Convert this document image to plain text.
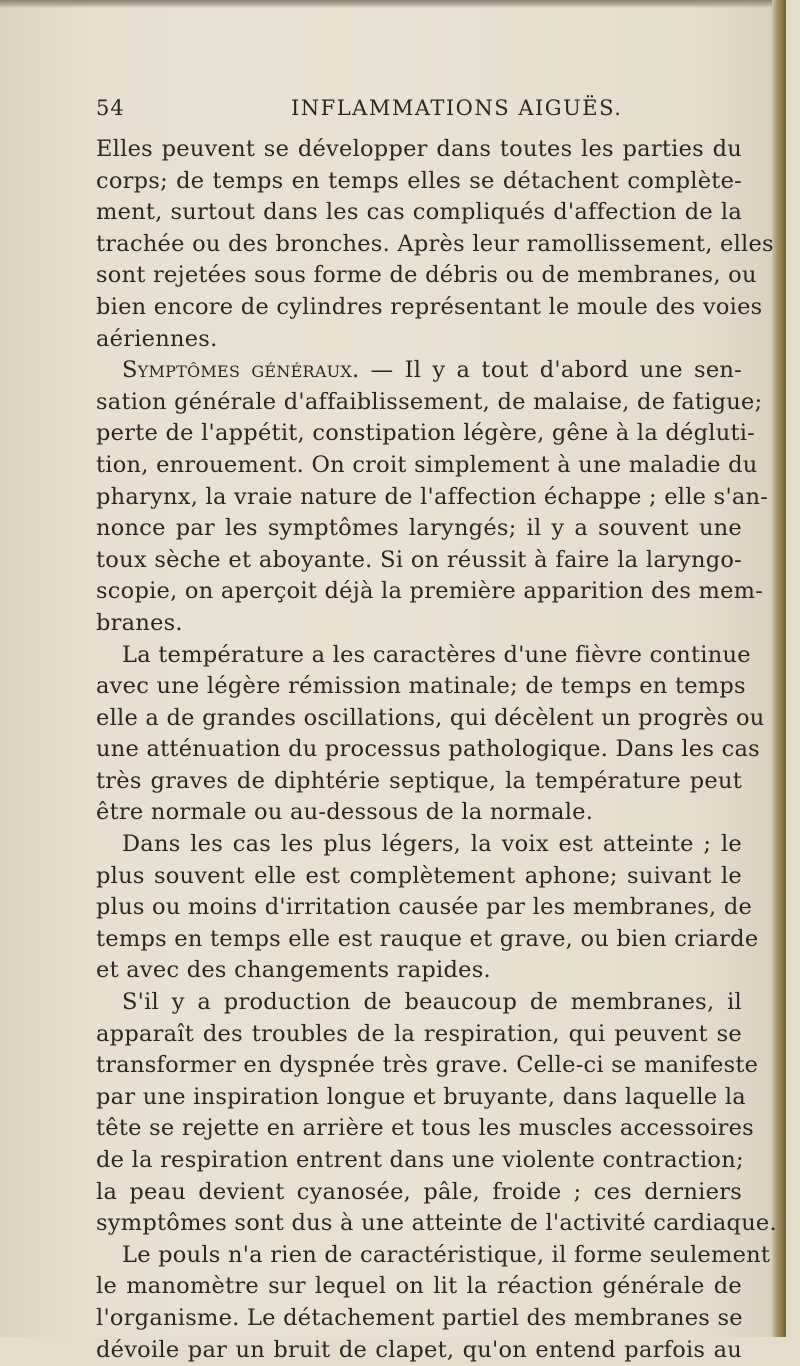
54	INFLAMMATIONS AIGUËS.
Elles peuvent se développer dans toutes les parties du
corps; de temps en temps elles se détachent complète-
ment, surtout dans les cas compliqués d'affection de la
trachée ou des bronches. Après leur ramollissement, elles
sont rejetées sous forme de débris ou de membranes, ou
bien encore de cylindres représentant le moule des voies
aériennes.
Symptômes généraux. — Il y a tout d'abord une sen-
sation générale d'affaiblissement, de malaise, de fatigue;
perte de l'appétit, constipation légère, gêne à la dégluti-
tion, enrouement. On croit simplement à une maladie du
pharynx, la vraie nature de l'affection échappe ; elle s'an-
nonce par les symptômes laryngés; il y a souvent une
toux sèche et aboyante. Si on réussit à faire la laryngo-
scopie, on aperçoit déjà la première apparition des mem-
branes.
La température a les caractères d'une fièvre continue
avec une légère rémission matinale; de temps en temps
elle a de grandes oscillations, qui décèlent un progrès ou
une atténuation du processus pathologique. Dans les cas
très graves de diphtérie septique, la température peut
être normale ou au-dessous de la normale.
Dans les cas les plus légers, la voix est atteinte ; le
plus souvent elle est complètement aphone; suivant le
plus ou moins d'irritation causée par les membranes, de
temps en temps elle est rauque et grave, ou bien criarde
et avec des changements rapides.
S'il y a production de beaucoup de membranes, il
apparaît des troubles de la respiration, qui peuvent se
transformer en dyspnée très grave. Celle-ci se manifeste
par une inspiration longue et bruyante, dans laquelle la
tête se rejette en arrière et tous les muscles accessoires
de la respiration entrent dans une violente contraction;
la peau devient cyanosée, pâle, froide ; ces derniers
symptômes sont dus à une atteinte de l'activité cardiaque.
Le pouls n'a rien de caractéristique, il forme seulement
le manomètre sur lequel on lit la réaction générale de
l'organisme. Le détachement partiel des membranes se
dévoile par un bruit de clapet, qu'on entend parfois au
